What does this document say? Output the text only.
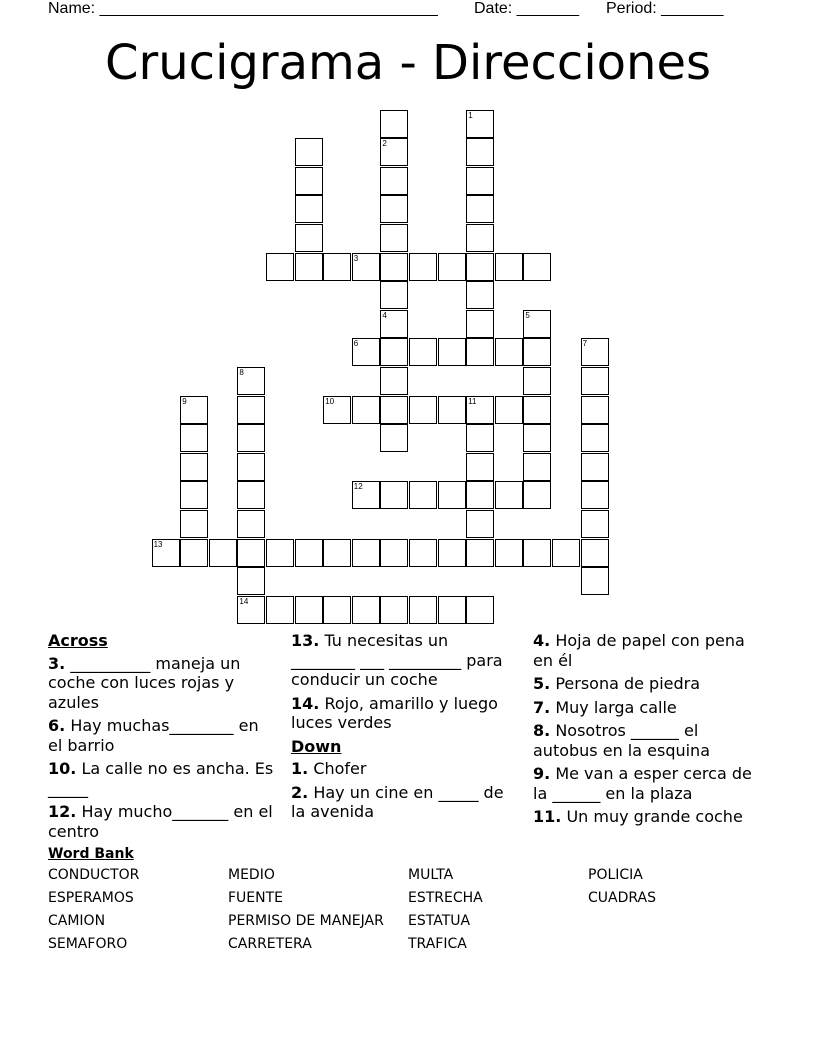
Name: ______________________________________ Date: _______ Period: _______
Crucigrama - Direcciones
1
2
3
4	5
6	7
8
9	10	11
12
13
14
Across
3. __________ maneja un coche con luces rojas y azules
6. Hay muchas________ en el barrio
10. La calle no es ancha. Es _____
12. Hay mucho_______ en el centro
13. Tu necesitas un ________ ___ _________ para conducir un coche
14. Rojo, amarillo y luego luces verdes
Down
1. Chofer
2. Hay un cine en _____ de la avenida
4. Hoja de papel con pena en él
5. Persona de piedra
7. Muy larga calle
8. Nosotros ______ el autobus en la esquina
9. Me van a esper cerca de la ______ en la plaza
11. Un muy grande coche
Word Bank
CONDUCTOR
ESPERAMOS
CAMION
SEMAFORO
MEDIO
FUENTE
PERMISO DE MANEJAR
CARRETERA
MULTA
ESTRECHA
ESTATUA
TRAFICA
POLICIA
CUADRAS
